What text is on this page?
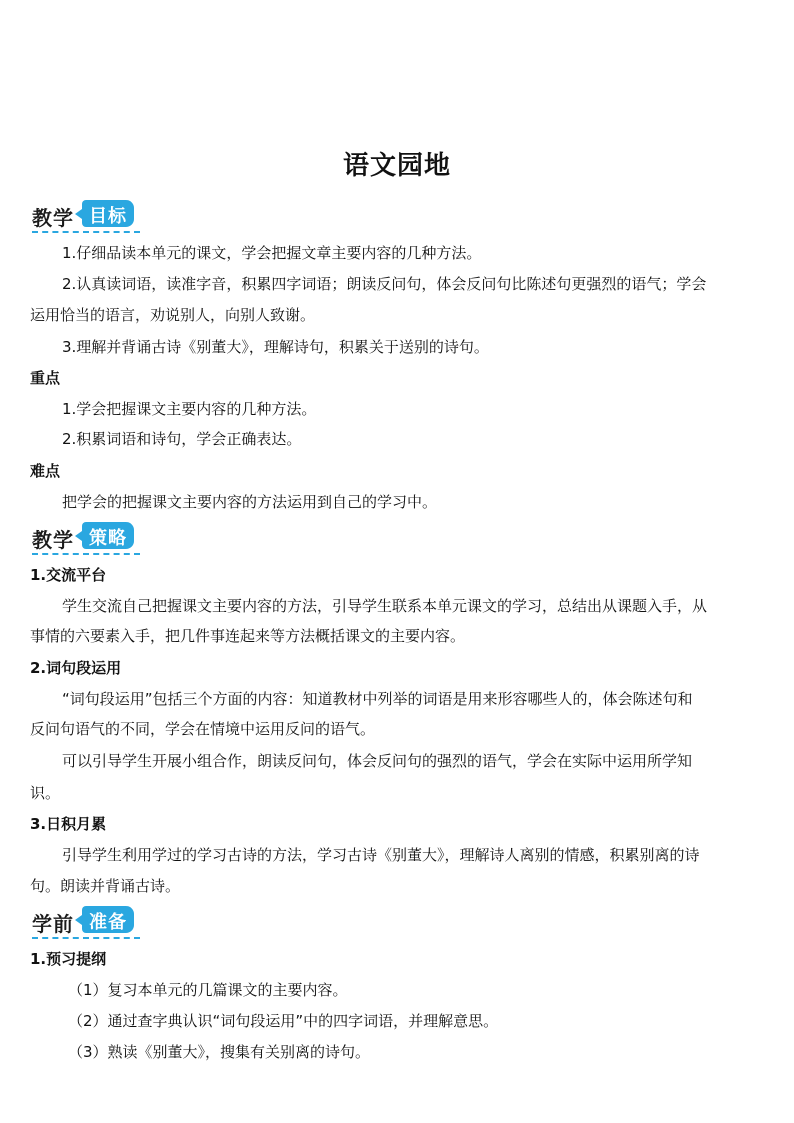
语文园地
教学 目标
1.仔细品读本单元的课文，学会把握文章主要内容的几种方法。
2.认真读词语，读准字音，积累四字词语；朗读反问句，体会反问句比陈述句更强烈的语气；学会
运用恰当的语言，劝说别人，向别人致谢。
3.理解并背诵古诗《别董大》，理解诗句，积累关于送别的诗句。
重点
1.学会把握课文主要内容的几种方法。
2.积累词语和诗句，学会正确表达。
难点
把学会的把握课文主要内容的方法运用到自己的学习中。
教学 策略
1.交流平台
学生交流自己把握课文主要内容的方法，引导学生联系本单元课文的学习，总结出从课题入手，从
事情的六要素入手，把几件事连起来等方法概括课文的主要内容。
2.词句段运用
“词句段运用”包括三个方面的内容：知道教材中列举的词语是用来形容哪些人的，体会陈述句和
反问句语气的不同，学会在情境中运用反问的语气。
可以引导学生开展小组合作，朗读反问句，体会反问句的强烈的语气，学会在实际中运用所学知
识。
3.日积月累
引导学生利用学过的学习古诗的方法，学习古诗《别董大》，理解诗人离别的情感，积累别离的诗
句。朗读并背诵古诗。
学前 准备
1.预习提纲
（1）复习本单元的几篇课文的主要内容。
（2）通过查字典认识“词句段运用”中的四字词语，并理解意思。
（3）熟读《别董大》，搜集有关别离的诗句。
